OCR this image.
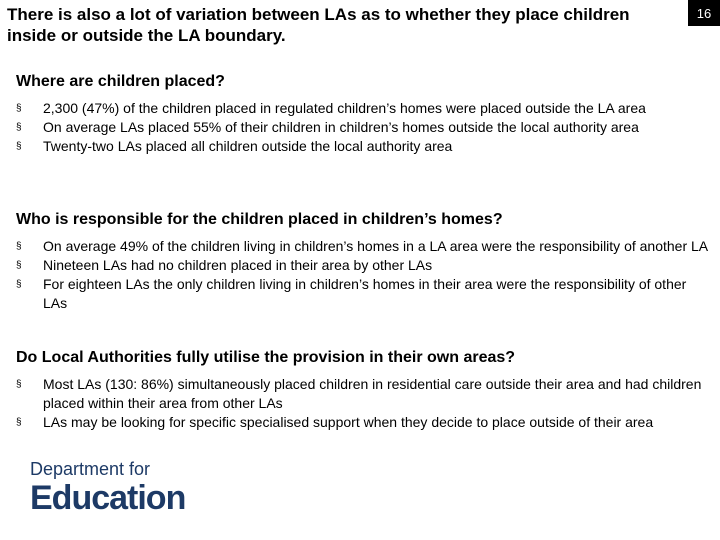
There is also a lot of variation between LAs as to whether they place children inside or outside the LA boundary.
16
Where are children placed?
§ 2,300 (47%) of the children placed in regulated children’s homes were placed outside the LA area
§ On average LAs placed 55% of their children in children’s homes outside the local authority area
§ Twenty-two LAs placed all children outside the local authority area
Who is responsible for the children placed in children’s homes?
§ On average 49% of the children living in children’s homes in a LA area were the responsibility of another LA
§ Nineteen LAs had no children placed in their area by other LAs
§ For eighteen LAs the only children living in children’s homes in their area were the responsibility of other LAs
Do Local Authorities fully utilise the provision in their own areas?
§ Most LAs (130: 86%) simultaneously placed children in residential care outside their area and had children placed within their area from other LAs
§ LAs may be looking for specific specialised support when they decide to place outside of their area
Department for
Education
